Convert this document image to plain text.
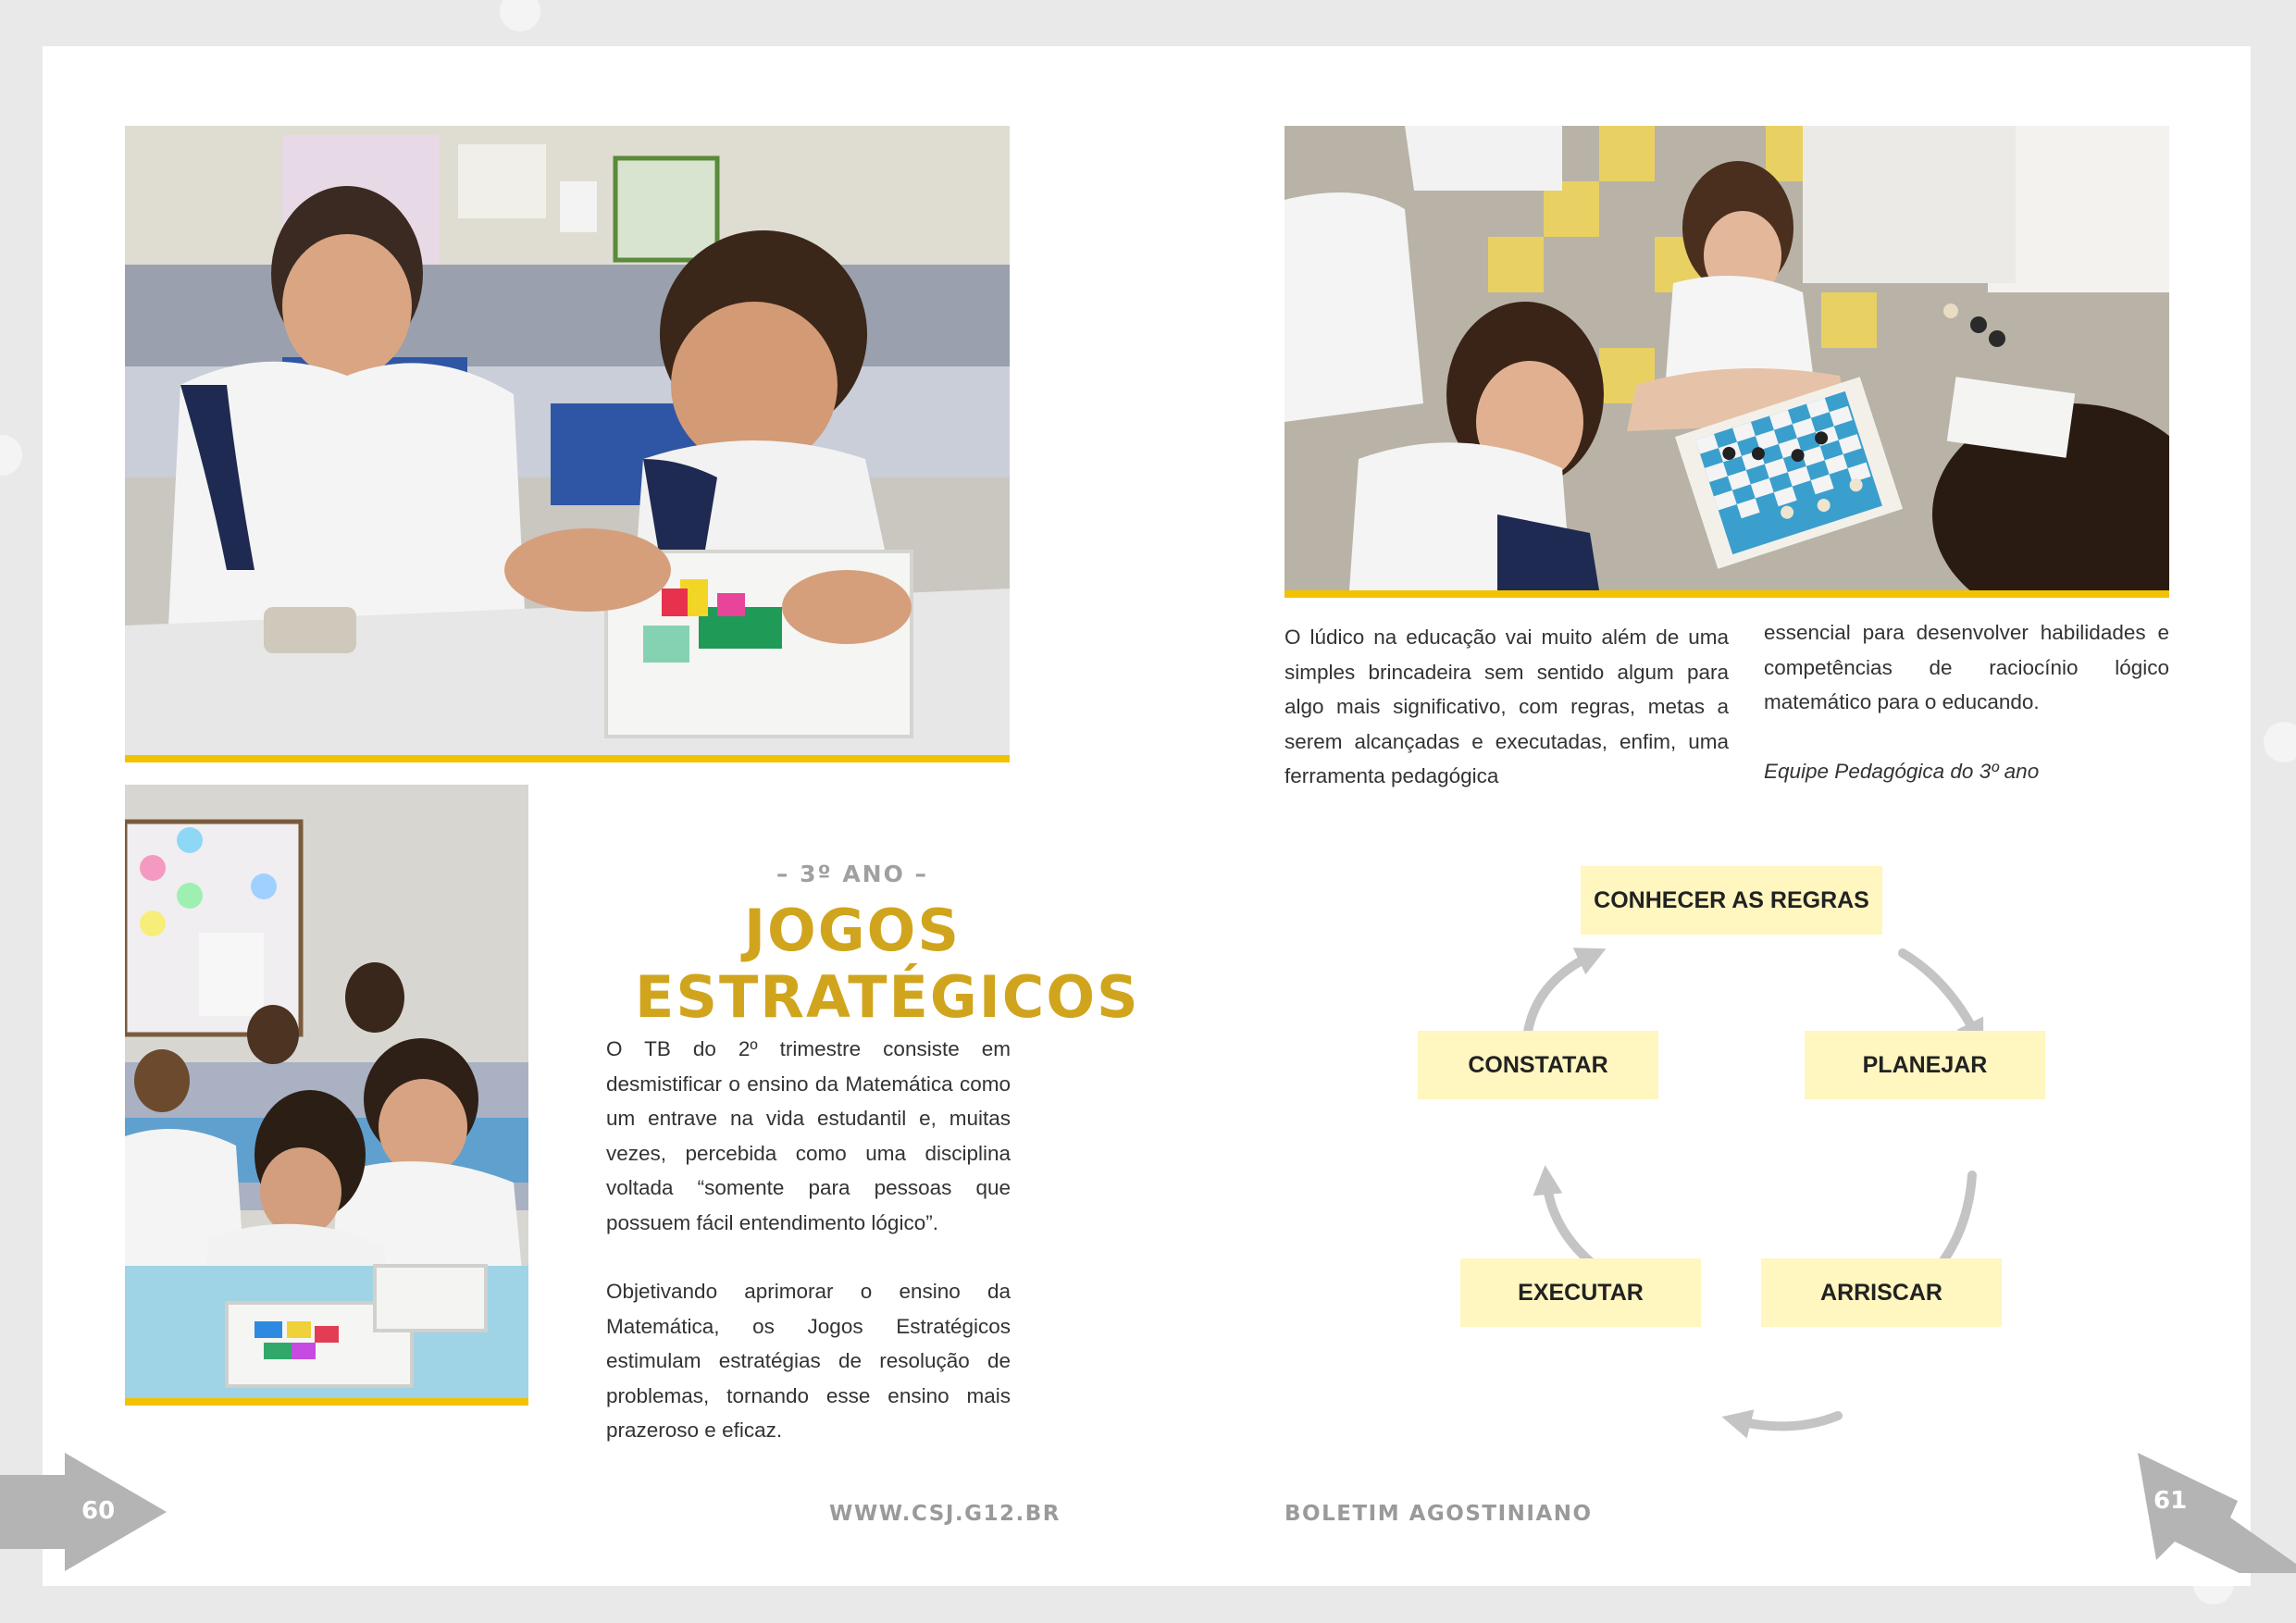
– 3º ANO –
JOGOS
ESTRATÉGICOS

O TB do 2º trimestre consiste em desmistificar o ensino da Matemática como um entrave na vida estudantil e, muitas vezes, percebida como uma disciplina voltada “somente para pessoas que possuem fácil entendimento lógico”.

Objetivando aprimorar o ensino da Matemática, os Jogos Estratégicos estimulam estratégias de resolução de problemas, tornando esse ensino mais prazeroso e eficaz.

O lúdico na educação vai muito além de uma simples brincadeira sem sentido algum para algo mais significativo, com regras, metas a serem alcançadas e executadas, enfim, uma ferramenta pedagógica

essencial para desenvolver habilidades e competências de raciocínio lógico matemático para o educando.

Equipe Pedagógica do 3º ano

CONHECER AS REGRAS
PLANEJAR
ARRISCAR
EXECUTAR
CONSTATAR
WWW.CSJ.G12.BR	BOLETIM AGOSTINIANO
60	61
